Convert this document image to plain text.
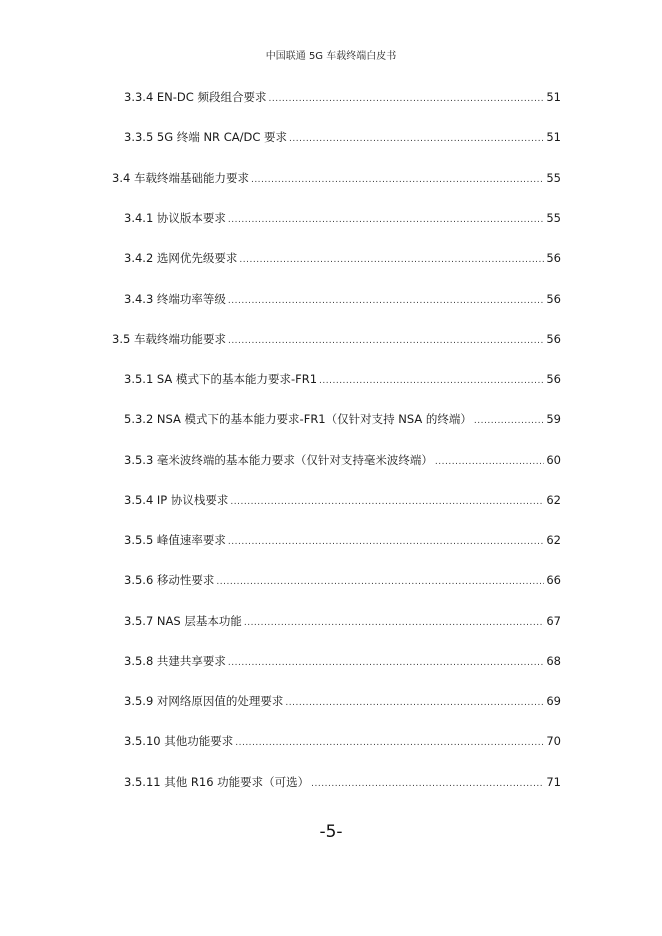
中国联通 5G 车载终端白皮书
3.3.4 EN-DC 频段组合要求 .....	51
3.3.5 5G 终端 NR CA/DC 要求 .....	51
3.4 车载终端基础能力要求 .....	55
3.4.1 协议版本要求 .....	55
3.4.2 选网优先级要求 .....	56
3.4.3 终端功率等级 .....	56
3.5 车载终端功能要求 .....	56
3.5.1 SA 模式下的基本能力要求-FR1 .....	56
5.3.2 NSA 模式下的基本能力要求-FR1（仅针对支持 NSA 的终端） .....	59
3.5.3 毫米波终端的基本能力要求（仅针对支持毫米波终端） .....	60
3.5.4 IP 协议栈要求 .....	62
3.5.5 峰值速率要求 .....	62
3.5.6 移动性要求 .....	66
3.5.7 NAS 层基本功能 .....	67
3.5.8 共建共享要求 .....	68
3.5.9 对网络原因值的处理要求 .....	69
3.5.10 其他功能要求 .....	70
3.5.11 其他 R16 功能要求（可选） .....	71
-5-
